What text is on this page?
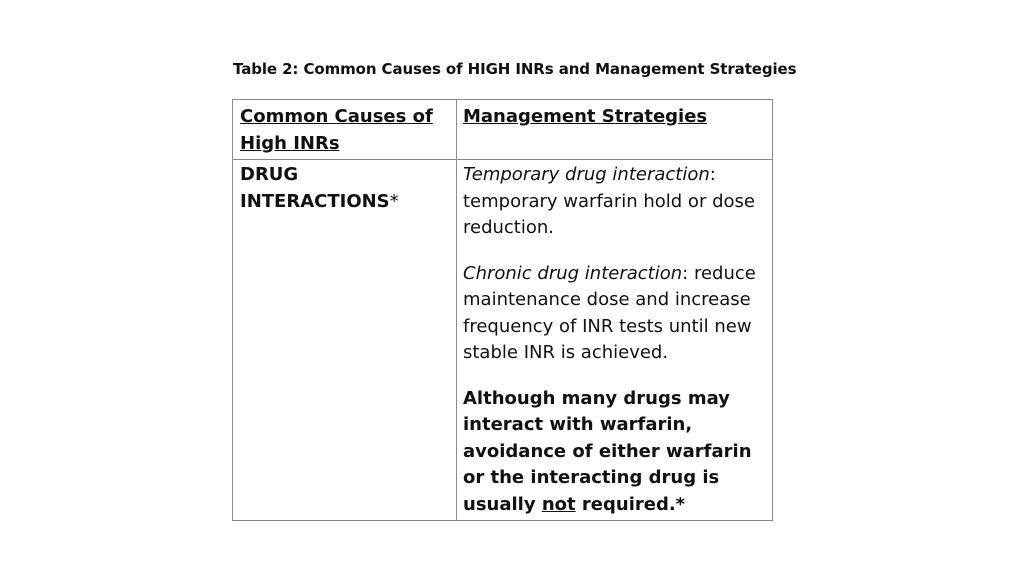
Table 2: Common Causes of HIGH INRs and Management Strategies
Common Causes of High INRs
Management Strategies
DRUG INTERACTIONS*

Temporary drug interaction:
temporary warfarin hold or dose reduction.

Chronic drug interaction: reduce maintenance dose and increase frequency of INR tests until new stable INR is achieved.

Although many drugs may interact with warfarin, avoidance of either warfarin or the interacting drug is usually not required.*
